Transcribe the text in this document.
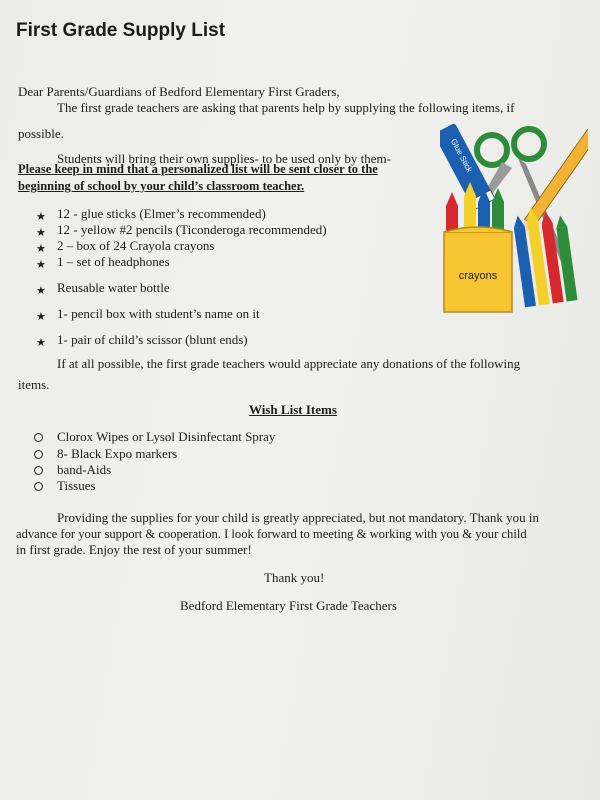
First Grade Supply List
Dear Parents/Guardians of Bedford Elementary First Graders,
The first grade teachers are asking that parents help by supplying the following items, if
possible.
Students will bring their own supplies- to be used only by them-
Please keep in mind that a personalized list will be sent closer to the
beginning of school by your child’s classroom teacher.
★ 12 - glue sticks (Elmer’s recommended)
★ 12 - yellow #2 pencils (Ticonderoga recommended)
★ 2 – box of 24 Crayola crayons
★ 1 – set of headphones
★ Reusable water bottle
★ 1- pencil box with student’s name on it
★ 1- pair of child’s scissor (blunt ends)
If at all possible, the first grade teachers would appreciate any donations of the following
items.
Wish List Items
Clorox Wipes or Lysol Disinfectant Spray
8- Black Expo markers
band-Aids
Tissues
Providing the supplies for your child is greatly appreciated, but not mandatory. Thank you in
advance for your support & cooperation. I look forward to meeting & working with you & your child
in first grade. Enjoy the rest of your summer!
Thank you!
Bedford Elementary First Grade Teachers
Glue Stick
crayons
